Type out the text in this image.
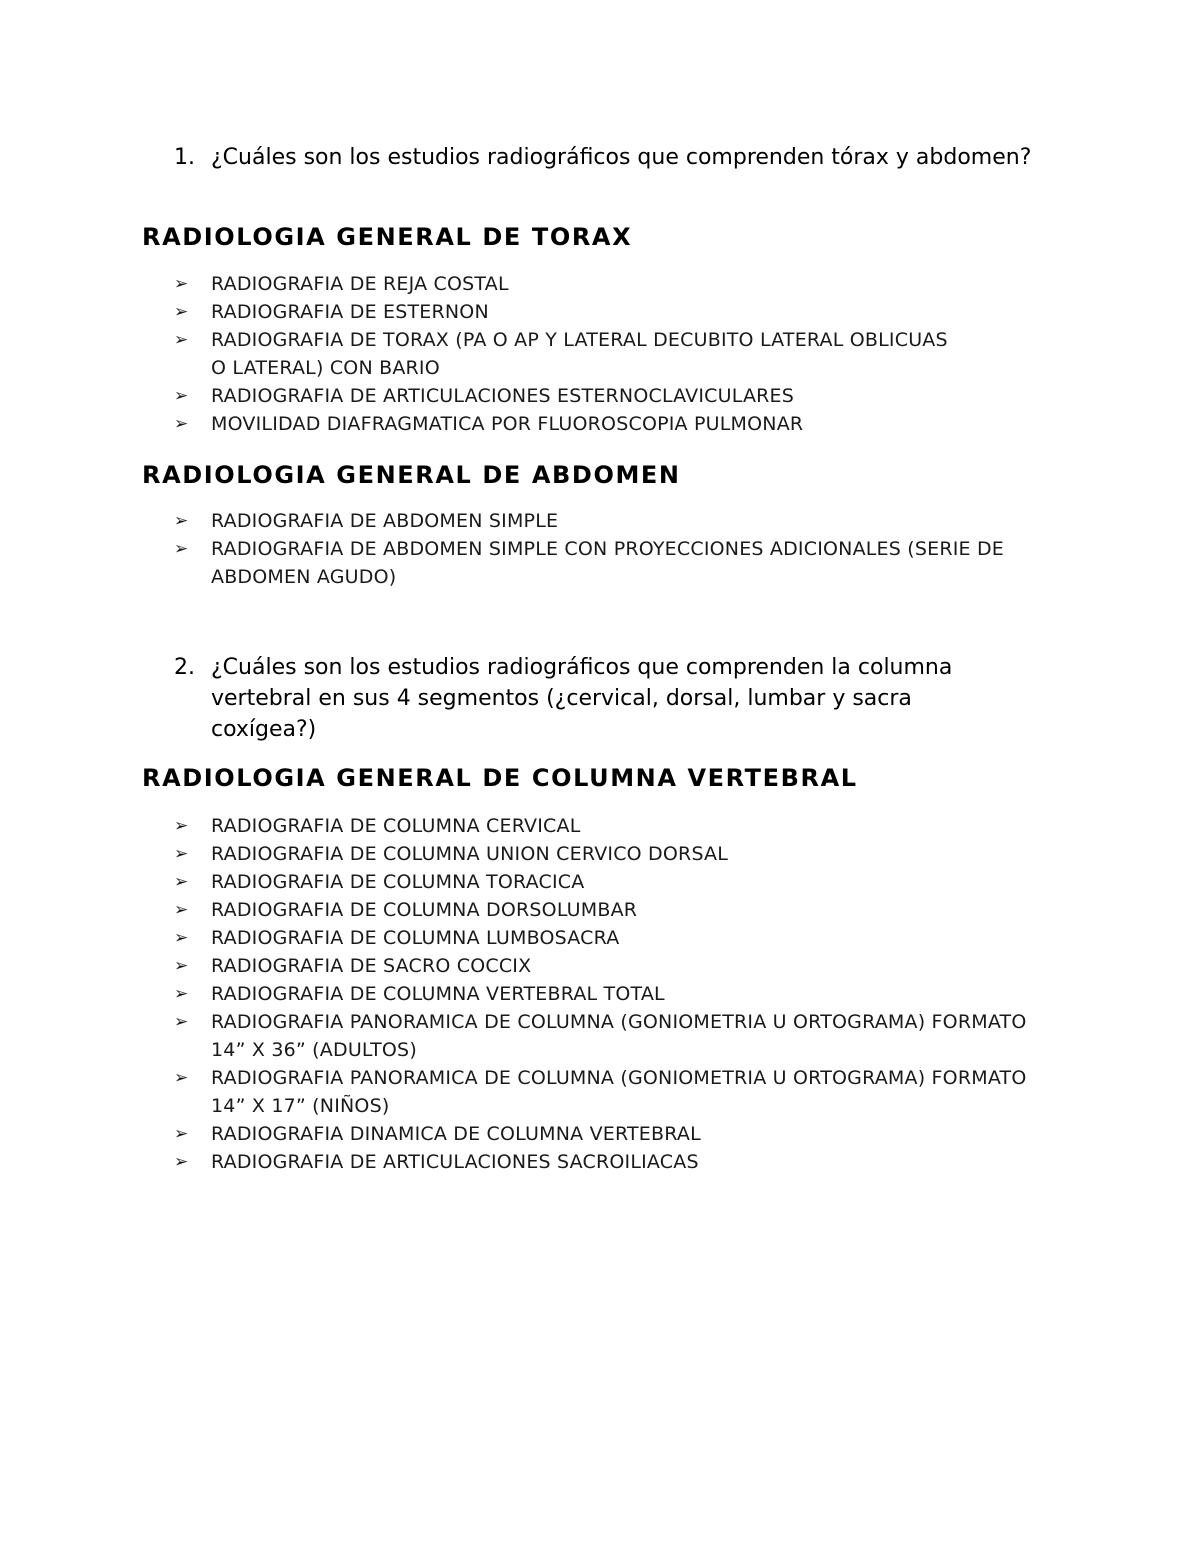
1. ¿Cuáles son los estudios radiográficos que comprenden tórax y abdomen?
RADIOLOGIA GENERAL DE TORAX
➢	RADIOGRAFIA DE REJA COSTAL
➢	RADIOGRAFIA DE ESTERNON
➢	RADIOGRAFIA DE TORAX (PA O AP Y LATERAL DECUBITO LATERAL OBLICUAS O LATERAL) CON BARIO
➢	RADIOGRAFIA DE ARTICULACIONES ESTERNOCLAVICULARES
➢	MOVILIDAD DIAFRAGMATICA POR FLUOROSCOPIA PULMONAR
RADIOLOGIA GENERAL DE ABDOMEN
➢	RADIOGRAFIA DE ABDOMEN SIMPLE
➢	RADIOGRAFIA DE ABDOMEN SIMPLE CON PROYECCIONES ADICIONALES (SERIE DE ABDOMEN AGUDO)
2. ¿Cuáles son los estudios radiográficos que comprenden la columna vertebral en sus 4 segmentos (¿cervical, dorsal, lumbar y sacra coxígea?)
RADIOLOGIA GENERAL DE COLUMNA VERTEBRAL
➢	RADIOGRAFIA DE COLUMNA CERVICAL
➢	RADIOGRAFIA DE COLUMNA UNION CERVICO DORSAL
➢	RADIOGRAFIA DE COLUMNA TORACICA
➢	RADIOGRAFIA DE COLUMNA DORSOLUMBAR
➢	RADIOGRAFIA DE COLUMNA LUMBOSACRA
➢	RADIOGRAFIA DE SACRO COCCIX
➢	RADIOGRAFIA DE COLUMNA VERTEBRAL TOTAL
➢	RADIOGRAFIA PANORAMICA DE COLUMNA (GONIOMETRIA U ORTOGRAMA) FORMATO 14” X 36” (ADULTOS)
➢	RADIOGRAFIA PANORAMICA DE COLUMNA (GONIOMETRIA U ORTOGRAMA) FORMATO 14” X 17” (NIÑOS)
➢	RADIOGRAFIA DINAMICA DE COLUMNA VERTEBRAL
➢	RADIOGRAFIA DE ARTICULACIONES SACROILIACAS
